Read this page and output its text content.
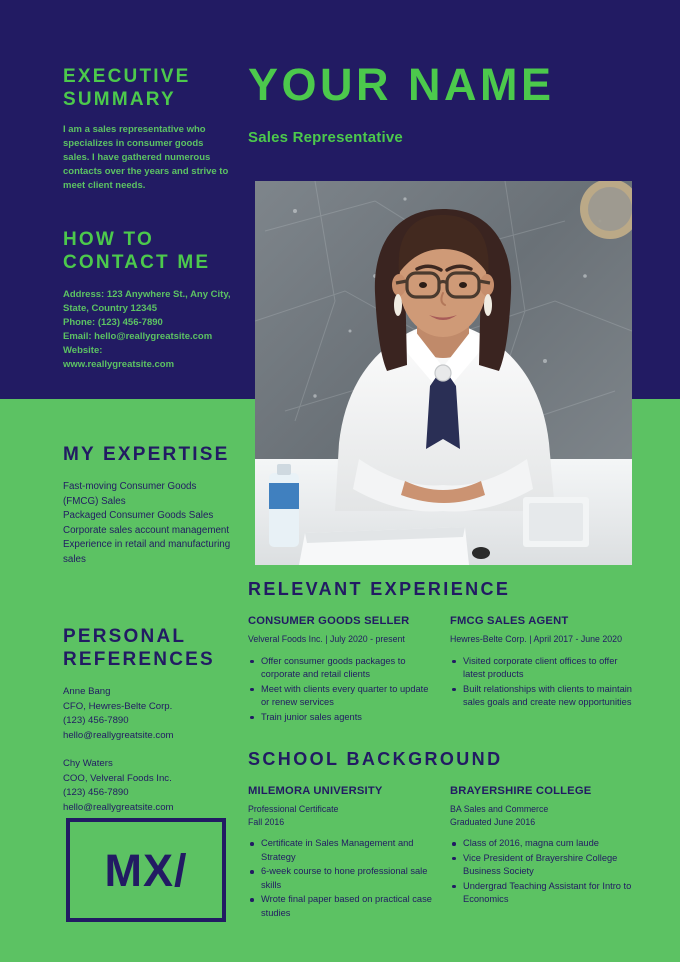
EXECUTIVE SUMMARY
I am a sales representative who specializes in consumer goods sales. I have gathered numerous contacts over the years and strive to meet client needs.
HOW TO CONTACT ME
Address: 123 Anywhere St., Any City, State, Country 12345
Phone: (123) 456-7890
Email: hello@reallygreatsite.com
Website:
www.reallygreatsite.com
MY EXPERTISE
Fast-moving Consumer Goods (FMCG) Sales
Packaged Consumer Goods Sales
Corporate sales account management
Experience in retail and manufacturing sales
PERSONAL REFERENCES
Anne Bang
CFO, Hewres-Belte Corp.
(123) 456-7890
hello@reallygreatsite.com
Chy Waters
COO, Velveral Foods Inc.
(123) 456-7890
hello@reallygreatsite.com
MX/
YOUR NAME
Sales Representative
RELEVANT EXPERIENCE
CONSUMER GOODS SELLER
Velveral Foods Inc. | July 2020 - present
Offer consumer goods packages to corporate and retail clients
Meet with clients every quarter to update or renew services
Train junior sales agents
FMCG SALES AGENT
Hewres-Belte Corp. | April 2017 - June 2020
Visited corporate client offices to offer latest products
Built relationships with clients to maintain sales goals and create new opportunities
SCHOOL BACKGROUND
MILEMORA UNIVERSITY
Professional Certificate
Fall 2016
Certificate in Sales Management and Strategy
6-week course to hone professional sale skills
Wrote final paper based on practical case studies
BRAYERSHIRE COLLEGE
BA Sales and Commerce
Graduated June 2016
Class of 2016, magna cum laude
Vice President of Brayershire College Business Society
Undergrad Teaching Assistant for Intro to Economics
